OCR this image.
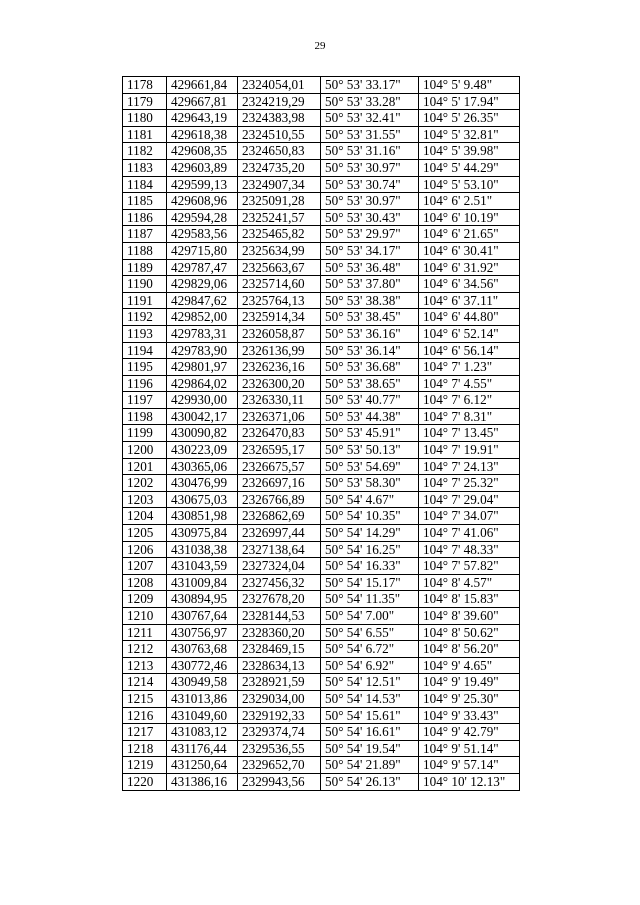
29
1178	429661,84	2324054,01	50° 53' 33.17"	104° 5' 9.48"
1179	429667,81	2324219,29	50° 53' 33.28"	104° 5' 17.94"
1180	429643,19	2324383,98	50° 53' 32.41"	104° 5' 26.35"
1181	429618,38	2324510,55	50° 53' 31.55"	104° 5' 32.81"
1182	429608,35	2324650,83	50° 53' 31.16"	104° 5' 39.98"
1183	429603,89	2324735,20	50° 53' 30.97"	104° 5' 44.29"
1184	429599,13	2324907,34	50° 53' 30.74"	104° 5' 53.10"
1185	429608,96	2325091,28	50° 53' 30.97"	104° 6' 2.51"
1186	429594,28	2325241,57	50° 53' 30.43"	104° 6' 10.19"
1187	429583,56	2325465,82	50° 53' 29.97"	104° 6' 21.65"
1188	429715,80	2325634,99	50° 53' 34.17"	104° 6' 30.41"
1189	429787,47	2325663,67	50° 53' 36.48"	104° 6' 31.92"
1190	429829,06	2325714,60	50° 53' 37.80"	104° 6' 34.56"
1191	429847,62	2325764,13	50° 53' 38.38"	104° 6' 37.11"
1192	429852,00	2325914,34	50° 53' 38.45"	104° 6' 44.80"
1193	429783,31	2326058,87	50° 53' 36.16"	104° 6' 52.14"
1194	429783,90	2326136,99	50° 53' 36.14"	104° 6' 56.14"
1195	429801,97	2326236,16	50° 53' 36.68"	104° 7' 1.23"
1196	429864,02	2326300,20	50° 53' 38.65"	104° 7' 4.55"
1197	429930,00	2326330,11	50° 53' 40.77"	104° 7' 6.12"
1198	430042,17	2326371,06	50° 53' 44.38"	104° 7' 8.31"
1199	430090,82	2326470,83	50° 53' 45.91"	104° 7' 13.45"
1200	430223,09	2326595,17	50° 53' 50.13"	104° 7' 19.91"
1201	430365,06	2326675,57	50° 53' 54.69"	104° 7' 24.13"
1202	430476,99	2326697,16	50° 53' 58.30"	104° 7' 25.32"
1203	430675,03	2326766,89	50° 54' 4.67"	104° 7' 29.04"
1204	430851,98	2326862,69	50° 54' 10.35"	104° 7' 34.07"
1205	430975,84	2326997,44	50° 54' 14.29"	104° 7' 41.06"
1206	431038,38	2327138,64	50° 54' 16.25"	104° 7' 48.33"
1207	431043,59	2327324,04	50° 54' 16.33"	104° 7' 57.82"
1208	431009,84	2327456,32	50° 54' 15.17"	104° 8' 4.57"
1209	430894,95	2327678,20	50° 54' 11.35"	104° 8' 15.83"
1210	430767,64	2328144,53	50° 54' 7.00"	104° 8' 39.60"
1211	430756,97	2328360,20	50° 54' 6.55"	104° 8' 50.62"
1212	430763,68	2328469,15	50° 54' 6.72"	104° 8' 56.20"
1213	430772,46	2328634,13	50° 54' 6.92"	104° 9' 4.65"
1214	430949,58	2328921,59	50° 54' 12.51"	104° 9' 19.49"
1215	431013,86	2329034,00	50° 54' 14.53"	104° 9' 25.30"
1216	431049,60	2329192,33	50° 54' 15.61"	104° 9' 33.43"
1217	431083,12	2329374,74	50° 54' 16.61"	104° 9' 42.79"
1218	431176,44	2329536,55	50° 54' 19.54"	104° 9' 51.14"
1219	431250,64	2329652,70	50° 54' 21.89"	104° 9' 57.14"
1220	431386,16	2329943,56	50° 54' 26.13"	104° 10' 12.13"
